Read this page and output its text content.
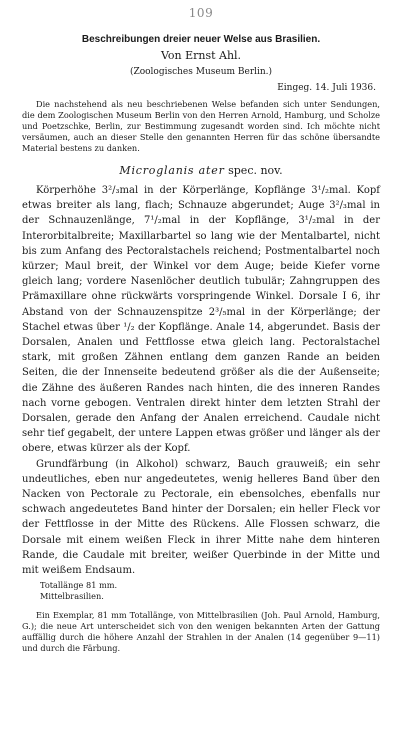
109
Beschreibungen dreier neuer Welse aus Brasilien.
Von Ernst Ahl.
(Zoologisches Museum Berlin.)
Eingeg. 14. Juli 1936.

Die nachstehend als neu beschriebenen Welse befanden sich unter Sendungen, die dem Zoologischen Museum Berlin von den Herren Arnold, Hamburg, und Scholze und Poetzschke, Berlin, zur Bestimmung zugesandt worden sind. Ich möchte nicht versäumen, auch an dieser Stelle den genannten Herren für das schöne übersandte Material bestens zu danken.

Microglanis ater spec. nov.

Körperhöhe 3²/₃mal in der Körperlänge, Kopflänge 3¹/₂mal. Kopf etwas breiter als lang, flach; Schnauze abgerundet; Auge 3²/₃mal in der Schnauzenlänge, 7¹/₂mal in der Kopflänge, 3¹/₂mal in der Interorbitalbreite; Maxillarbartel so lang wie der Mentalbartel, nicht bis zum Anfang des Pectoralstachels reichend; Postmentalbartel noch kürzer; Maul breit, der Winkel vor dem Auge; beide Kiefer vorne gleich lang; vordere Nasenlöcher deutlich tubulär; Zahngruppen des Prämaxillare ohne rückwärts vorspringende Winkel. Dorsale I 6, ihr Abstand von der Schnauzenspitze 2³/₅mal in der Körperlänge; der Stachel etwas über ¹/₂ der Kopflänge. Anale 14, abgerundet. Basis der Dorsalen, Analen und Fettflosse etwa gleich lang. Pectoralstachel stark, mit großen Zähnen entlang dem ganzen Rande an beiden Seiten, die der Innenseite bedeutend größer als die der Außenseite; die Zähne des äußeren Randes nach hinten, die des inneren Randes nach vorne gebogen. Ventralen direkt hinter dem letzten Strahl der Dorsalen, gerade den Anfang der Analen erreichend. Caudale nicht sehr tief gegabelt, der untere Lappen etwas größer und länger als der obere, etwas kürzer als der Kopf.

Grundfärbung (in Alkohol) schwarz, Bauch grauweiß; ein sehr undeutliches, eben nur angedeutetes, wenig helleres Band über den Nacken von Pectorale zu Pectorale, ein ebensolches, ebenfalls nur schwach angedeutetes Band hinter der Dorsalen; ein heller Fleck vor der Fettflosse in der Mitte des Rückens. Alle Flossen schwarz, die Dorsale mit einem weißen Fleck in ihrer Mitte nahe dem hinteren Rande, die Caudale mit breiter, weißer Querbinde in der Mitte und mit weißem Endsaum.

Totallänge 81 mm.
Mittelbrasilien.

Ein Exemplar, 81 mm Totallänge, von Mittelbrasilien (Joh. Paul Arnold, Hamburg, G.); die neue Art unterscheidet sich von den wenigen bekannten Arten der Gattung auffällig durch die höhere Anzahl der Strahlen in der Analen (14 gegenüber 9—11) und durch die Färbung.
